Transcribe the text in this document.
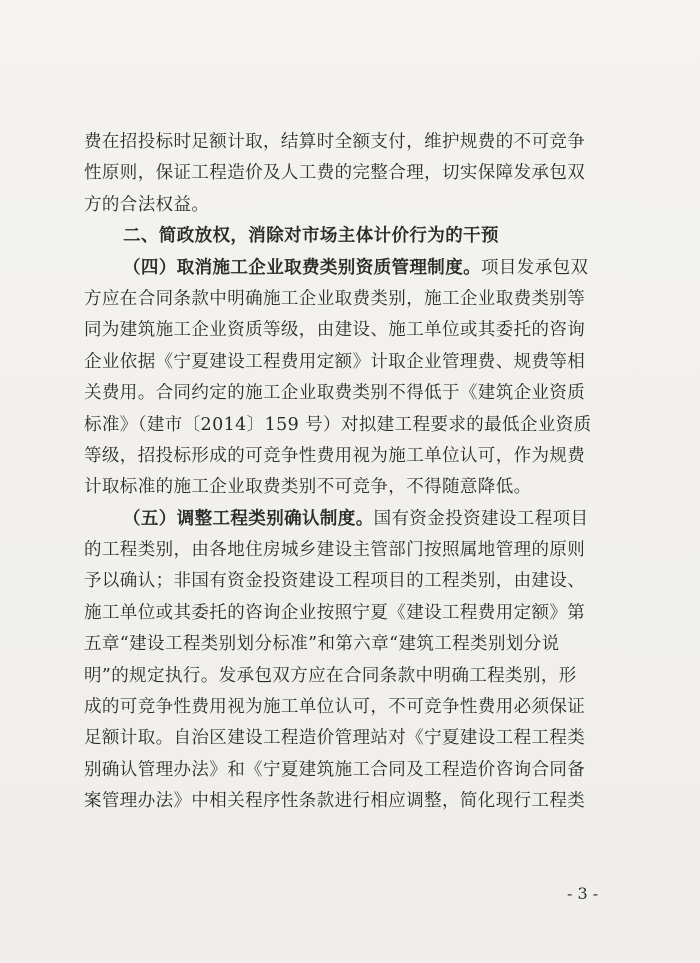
费在招投标时足额计取，结算时全额支付，维护规费的不可竞争
性原则，保证工程造价及人工费的完整合理，切实保障发承包双
方的合法权益。
二、简政放权，消除对市场主体计价行为的干预
（四）取消施工企业取费类别资质管理制度。项目发承包双
方应在合同条款中明确施工企业取费类别，施工企业取费类别等
同为建筑施工企业资质等级，由建设、施工单位或其委托的咨询
企业依据《宁夏建设工程费用定额》计取企业管理费、规费等相
关费用。合同约定的施工企业取费类别不得低于《建筑企业资质
标准》（建市〔2014〕159 号）对拟建工程要求的最低企业资质
等级，招投标形成的可竞争性费用视为施工单位认可，作为规费
计取标准的施工企业取费类别不可竞争，不得随意降低。
（五）调整工程类别确认制度。国有资金投资建设工程项目
的工程类别，由各地住房城乡建设主管部门按照属地管理的原则
予以确认；非国有资金投资建设工程项目的工程类别，由建设、
施工单位或其委托的咨询企业按照宁夏《建设工程费用定额》第
五章“建设工程类别划分标准”和第六章“建筑工程类别划分说
明”的规定执行。发承包双方应在合同条款中明确工程类别，形
成的可竞争性费用视为施工单位认可，不可竞争性费用必须保证
足额计取。自治区建设工程造价管理站对《宁夏建设工程工程类
别确认管理办法》和《宁夏建筑施工合同及工程造价咨询合同备
案管理办法》中相关程序性条款进行相应调整，简化现行工程类
- 3 -
